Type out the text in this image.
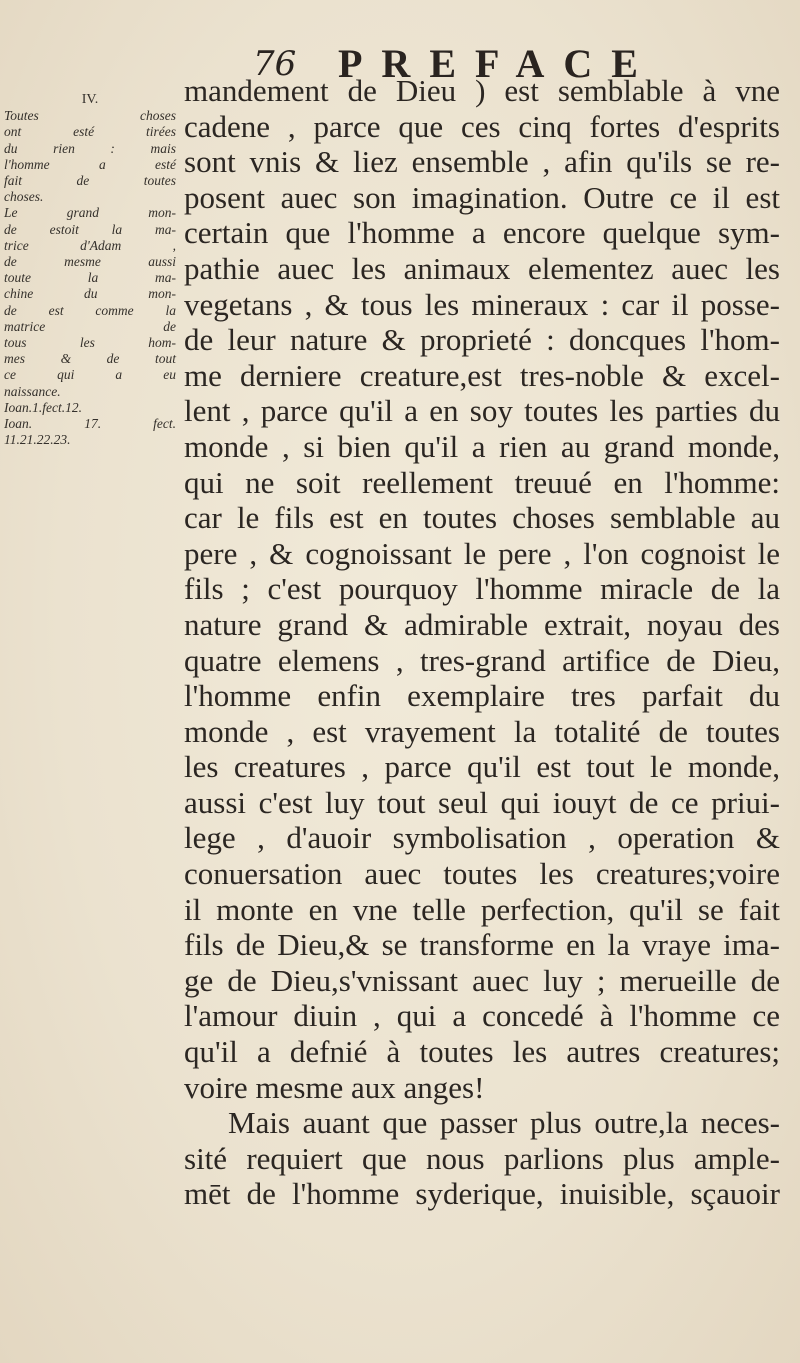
76 PREFACE
IV.
Toutes choses
ont esté tirées
du rien : mais
l'homme a esté
fait de toutes
choses.
Le grand mon-
de estoit la ma-
trice d'Adam ,
de mesme aussi
toute la ma-
chine du mon-
de est comme la
matrice de
tous les hom-
mes & de tout
ce qui a eu
naissance.
Ioan.1.fect.12.
Ioan. 17. fect.
11.21.22.23.
mandement de Dieu ) est semblable à vne
cadene , parce que ces cinq fortes d'esprits
sont vnis & liez ensemble , afin qu'ils se re-
posent auec son imagination. Outre ce il est
certain que l'homme a encore quelque sym-
pathie auec les animaux elementez auec les
vegetans , & tous les mineraux : car il posse-
de leur nature & proprieté : doncques l'hom-
me derniere creature,est tres-noble & excel-
lent , parce qu'il a en soy toutes les parties du
monde , si bien qu'il a rien au grand monde,
qui ne soit reellement treuué en l'homme:
car le fils est en toutes choses semblable au
pere , & cognoissant le pere , l'on cognoist le
fils ; c'est pourquoy l'homme miracle de la
nature grand & admirable extrait, noyau des
quatre elemens , tres-grand artifice de Dieu,
l'homme enfin exemplaire tres parfait du
monde , est vrayement la totalité de toutes
les creatures , parce qu'il est tout le monde,
aussi c'est luy tout seul qui iouyt de ce priui-
lege , d'auoir symbolisation , operation &
conuersation auec toutes les creatures;voire
il monte en vne telle perfection, qu'il se fait
fils de Dieu,& se transforme en la vraye ima-
ge de Dieu,s'vnissant auec luy ; merueille de
l'amour diuin , qui a concedé à l'homme ce
qu'il a defnié à toutes les autres creatures;
voire mesme aux anges!
Mais auant que passer plus outre,la neces-
sité requiert que nous parlions plus ample-
mēt de l'homme syderique, inuisible, sçauoir
